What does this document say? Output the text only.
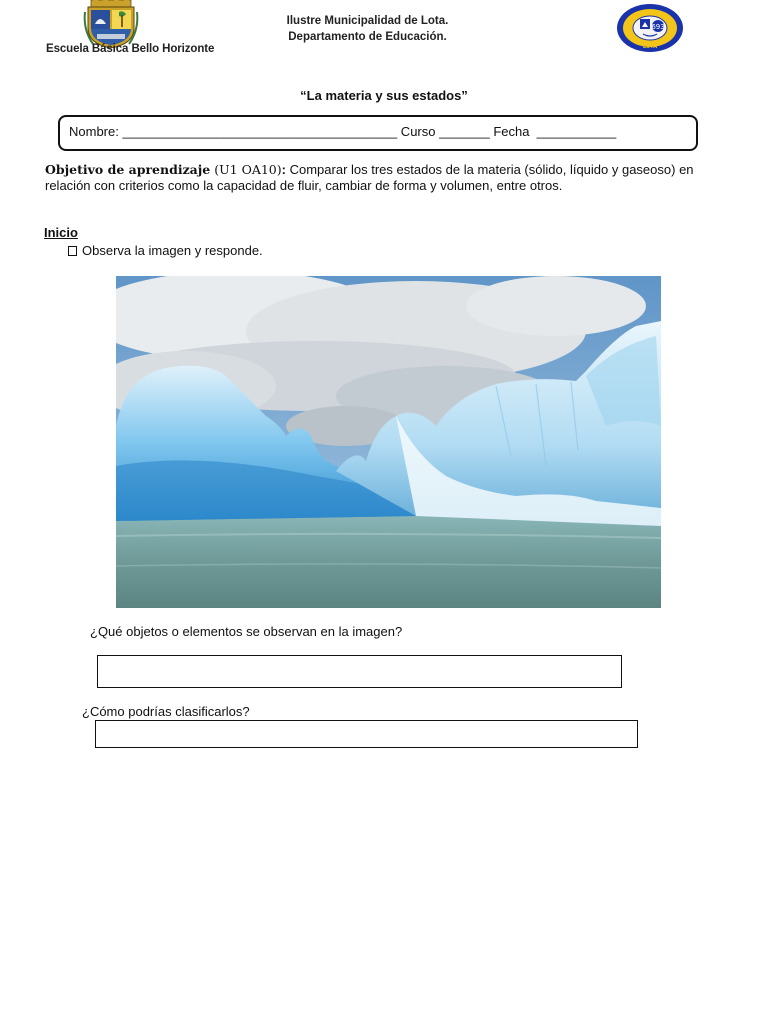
Escuela Básica Bello Horizonte
Ilustre Municipalidad de Lota.
Departamento de Educación.
693
LOTA
“La materia y sus estados”
Nombre: ______________________________________ Curso _______ Fecha  ___________
Objetivo de aprendizaje (U1 OA10): Comparar los tres estados de la materia (sólido, líquido y gaseoso) en relación con criterios como la capacidad de fluir, cambiar de forma y volumen, entre otros.
Inicio
Observa la imagen y responde.
¿Qué objetos o elementos se observan en la imagen?
¿Cómo podrías clasificarlos?
